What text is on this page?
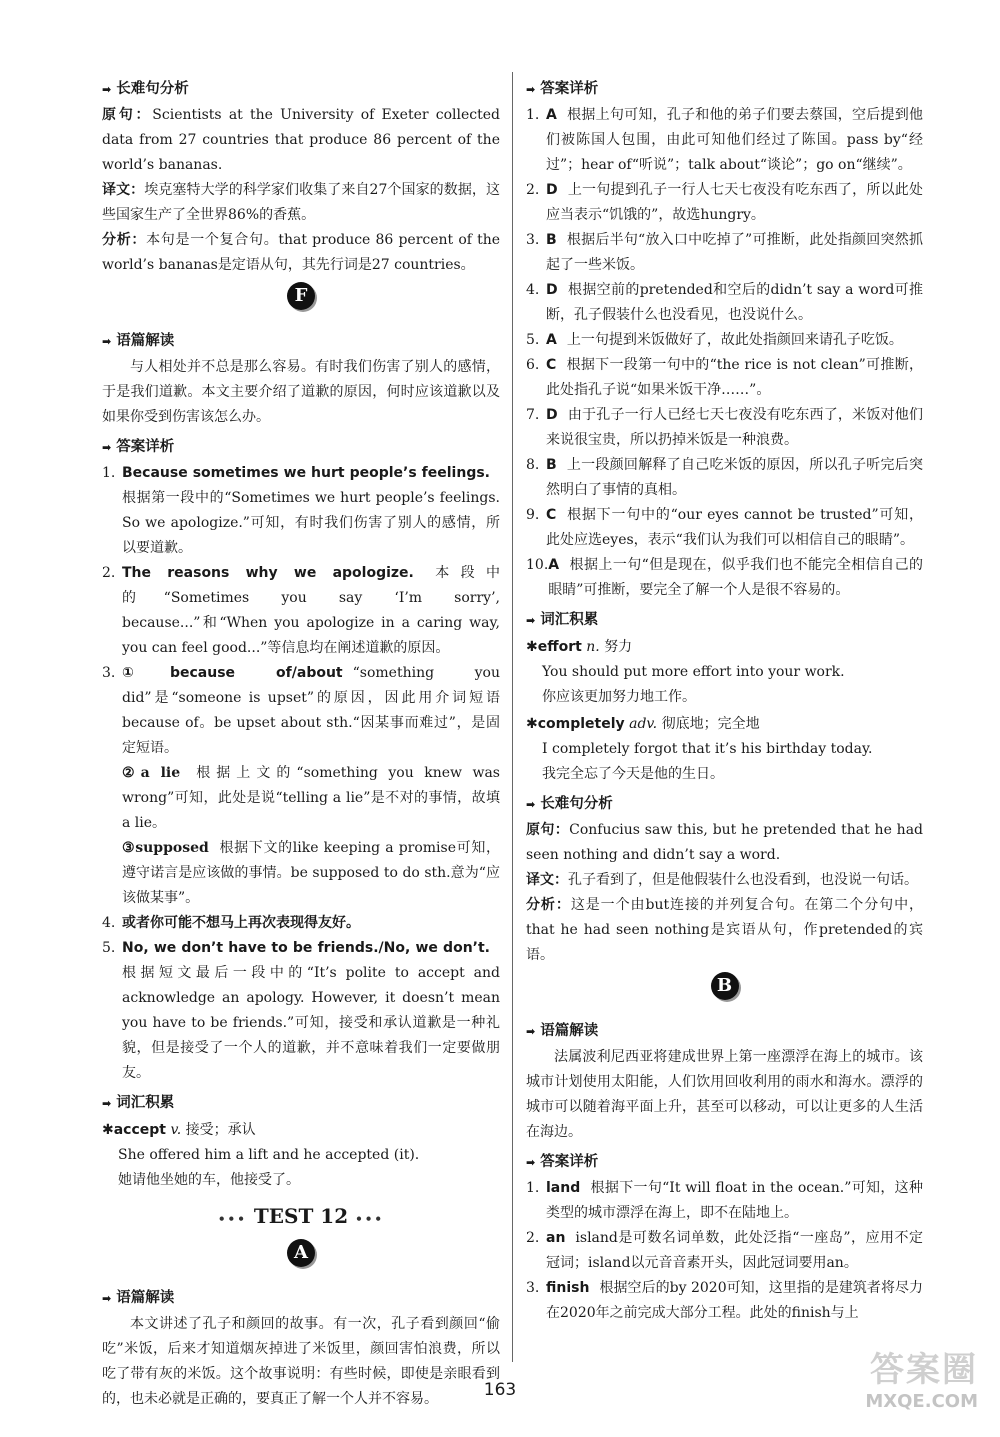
➡ 长难句分析

原句：Scientists at the University of Exeter collected data from 27 countries that produce 86 percent of the world’s bananas.

译文：埃克塞特大学的科学家们收集了来自27个国家的数据，这些国家生产了全世界86%的香蕉。

分析：本句是一个复合句。that produce 86 percent of the world’s bananas是定语从句，其先行词是27 countries。

F
➡ 语篇解读

与人相处并不总是那么容易。有时我们伤害了别人的感情，于是我们道歉。本文主要介绍了道歉的原因，何时应该道歉以及如果你受到伤害该怎么办。

➡ 答案详析
1. Because sometimes we hurt people’s feelings.根据第一段中的“Sometimes we hurt people’s feelings. So we apologize.”可知，有时我们伤害了别人的感情，所以要道歉。
2. The reasons why we apologize. 本段中的“Sometimes you say ‘I’m sorry’, because...”和“When you apologize in a caring way, you can feel good...”等信息均在阐述道歉的原因。
3. ①because of/about “something you did”是“someone is upset”的原因，因此用介词短语because of。be upset about sth.“因某事而难过”，是固定短语。
②a lie 根据上文的“something you knew was wrong”可知，此处是说“telling a lie”是不对的事情，故填a lie。
③supposed 根据下文的like keeping a promise可知，遵守诺言是应该做的事情。be supposed to do sth.意为“应该做某事”。
4. 或者你可能不想马上再次表现得友好。
5. No, we don’t have to be friends./No, we don’t.根据短文最后一段中的“It’s polite to accept and acknowledge an apology. However, it doesn’t mean you have to be friends.”可知，接受和承认道歉是一种礼貌，但是接受了一个人的道歉，并不意味着我们一定要做朋友。
➡ 词汇积累
✱accept v. 接受；承认
She offered him a lift and he accepted (it).
她请他坐她的车，他接受了。
••• TEST 12 •••
A
➡ 语篇解读

本文讲述了孔子和颜回的故事。有一次，孔子看到颜回“偷吃”米饭，后来才知道烟灰掉进了米饭里，颜回害怕浪费，所以吃了带有灰的米饭。这个故事说明：有些时候，即使是亲眼看到的，也未必就是正确的，要真正了解一个人并不容易。

➡ 答案详析
1. A 根据上句可知，孔子和他的弟子们要去蔡国，空后提到他们被陈国人包围，由此可知他们经过了陈国。pass by“经过”；hear of“听说”；talk about“谈论”；go on“继续”。
2. D 上一句提到孔子一行人七天七夜没有吃东西了，所以此处应当表示“饥饿的”，故选hungry。
3. B 根据后半句“放入口中吃掉了”可推断，此处指颜回突然抓起了一些米饭。
4. D 根据空前的pretended和空后的didn’t say a word可推断，孔子假装什么也没看见，也没说什么。
5. A 上一句提到米饭做好了，故此处指颜回来请孔子吃饭。
6. C 根据下一段第一句中的“the rice is not clean”可推断，此处指孔子说“如果米饭干净……”。
7. D 由于孔子一行人已经七天七夜没有吃东西了，米饭对他们来说很宝贵，所以扔掉米饭是一种浪费。
8. B 上一段颜回解释了自己吃米饭的原因，所以孔子听完后突然明白了事情的真相。
9. C 根据下一句中的“our eyes cannot be trusted”可知，此处应选eyes，表示“我们认为我们可以相信自己的眼睛”。
10. A 根据上一句“但是现在，似乎我们也不能完全相信自己的眼睛”可推断，要完全了解一个人是很不容易的。
➡ 词汇积累
✱effort n. 努力
You should put more effort into your work.
你应该更加努力地工作。
✱completely adv. 彻底地；完全地
I completely forgot that it’s his birthday today.
我完全忘了今天是他的生日。
➡ 长难句分析

原句：Confucius saw this, but he pretended that he had seen nothing and didn’t say a word.

译文：孔子看到了，但是他假装什么也没看到，也没说一句话。

分析：这是一个由but连接的并列复合句。在第二个分句中，that he had seen nothing是宾语从句，作pretended的宾语。

B
➡ 语篇解读

法属波利尼西亚将建成世界上第一座漂浮在海上的城市。该城市计划使用太阳能，人们饮用回收利用的雨水和海水。漂浮的城市可以随着海平面上升，甚至可以移动，可以让更多的人生活在海边。

➡ 答案详析
1. land 根据下一句“It will float in the ocean.”可知，这种类型的城市漂浮在海上，即不在陆地上。
2. an island是可数名词单数，此处泛指“一座岛”，应用不定冠词；island以元音音素开头，因此冠词要用an。
3. finish 根据空后的by 2020可知，这里指的是建筑者将尽力在2020年之前完成大部分工程。此处的finish与上
163	答案圈
MXQE.COM
